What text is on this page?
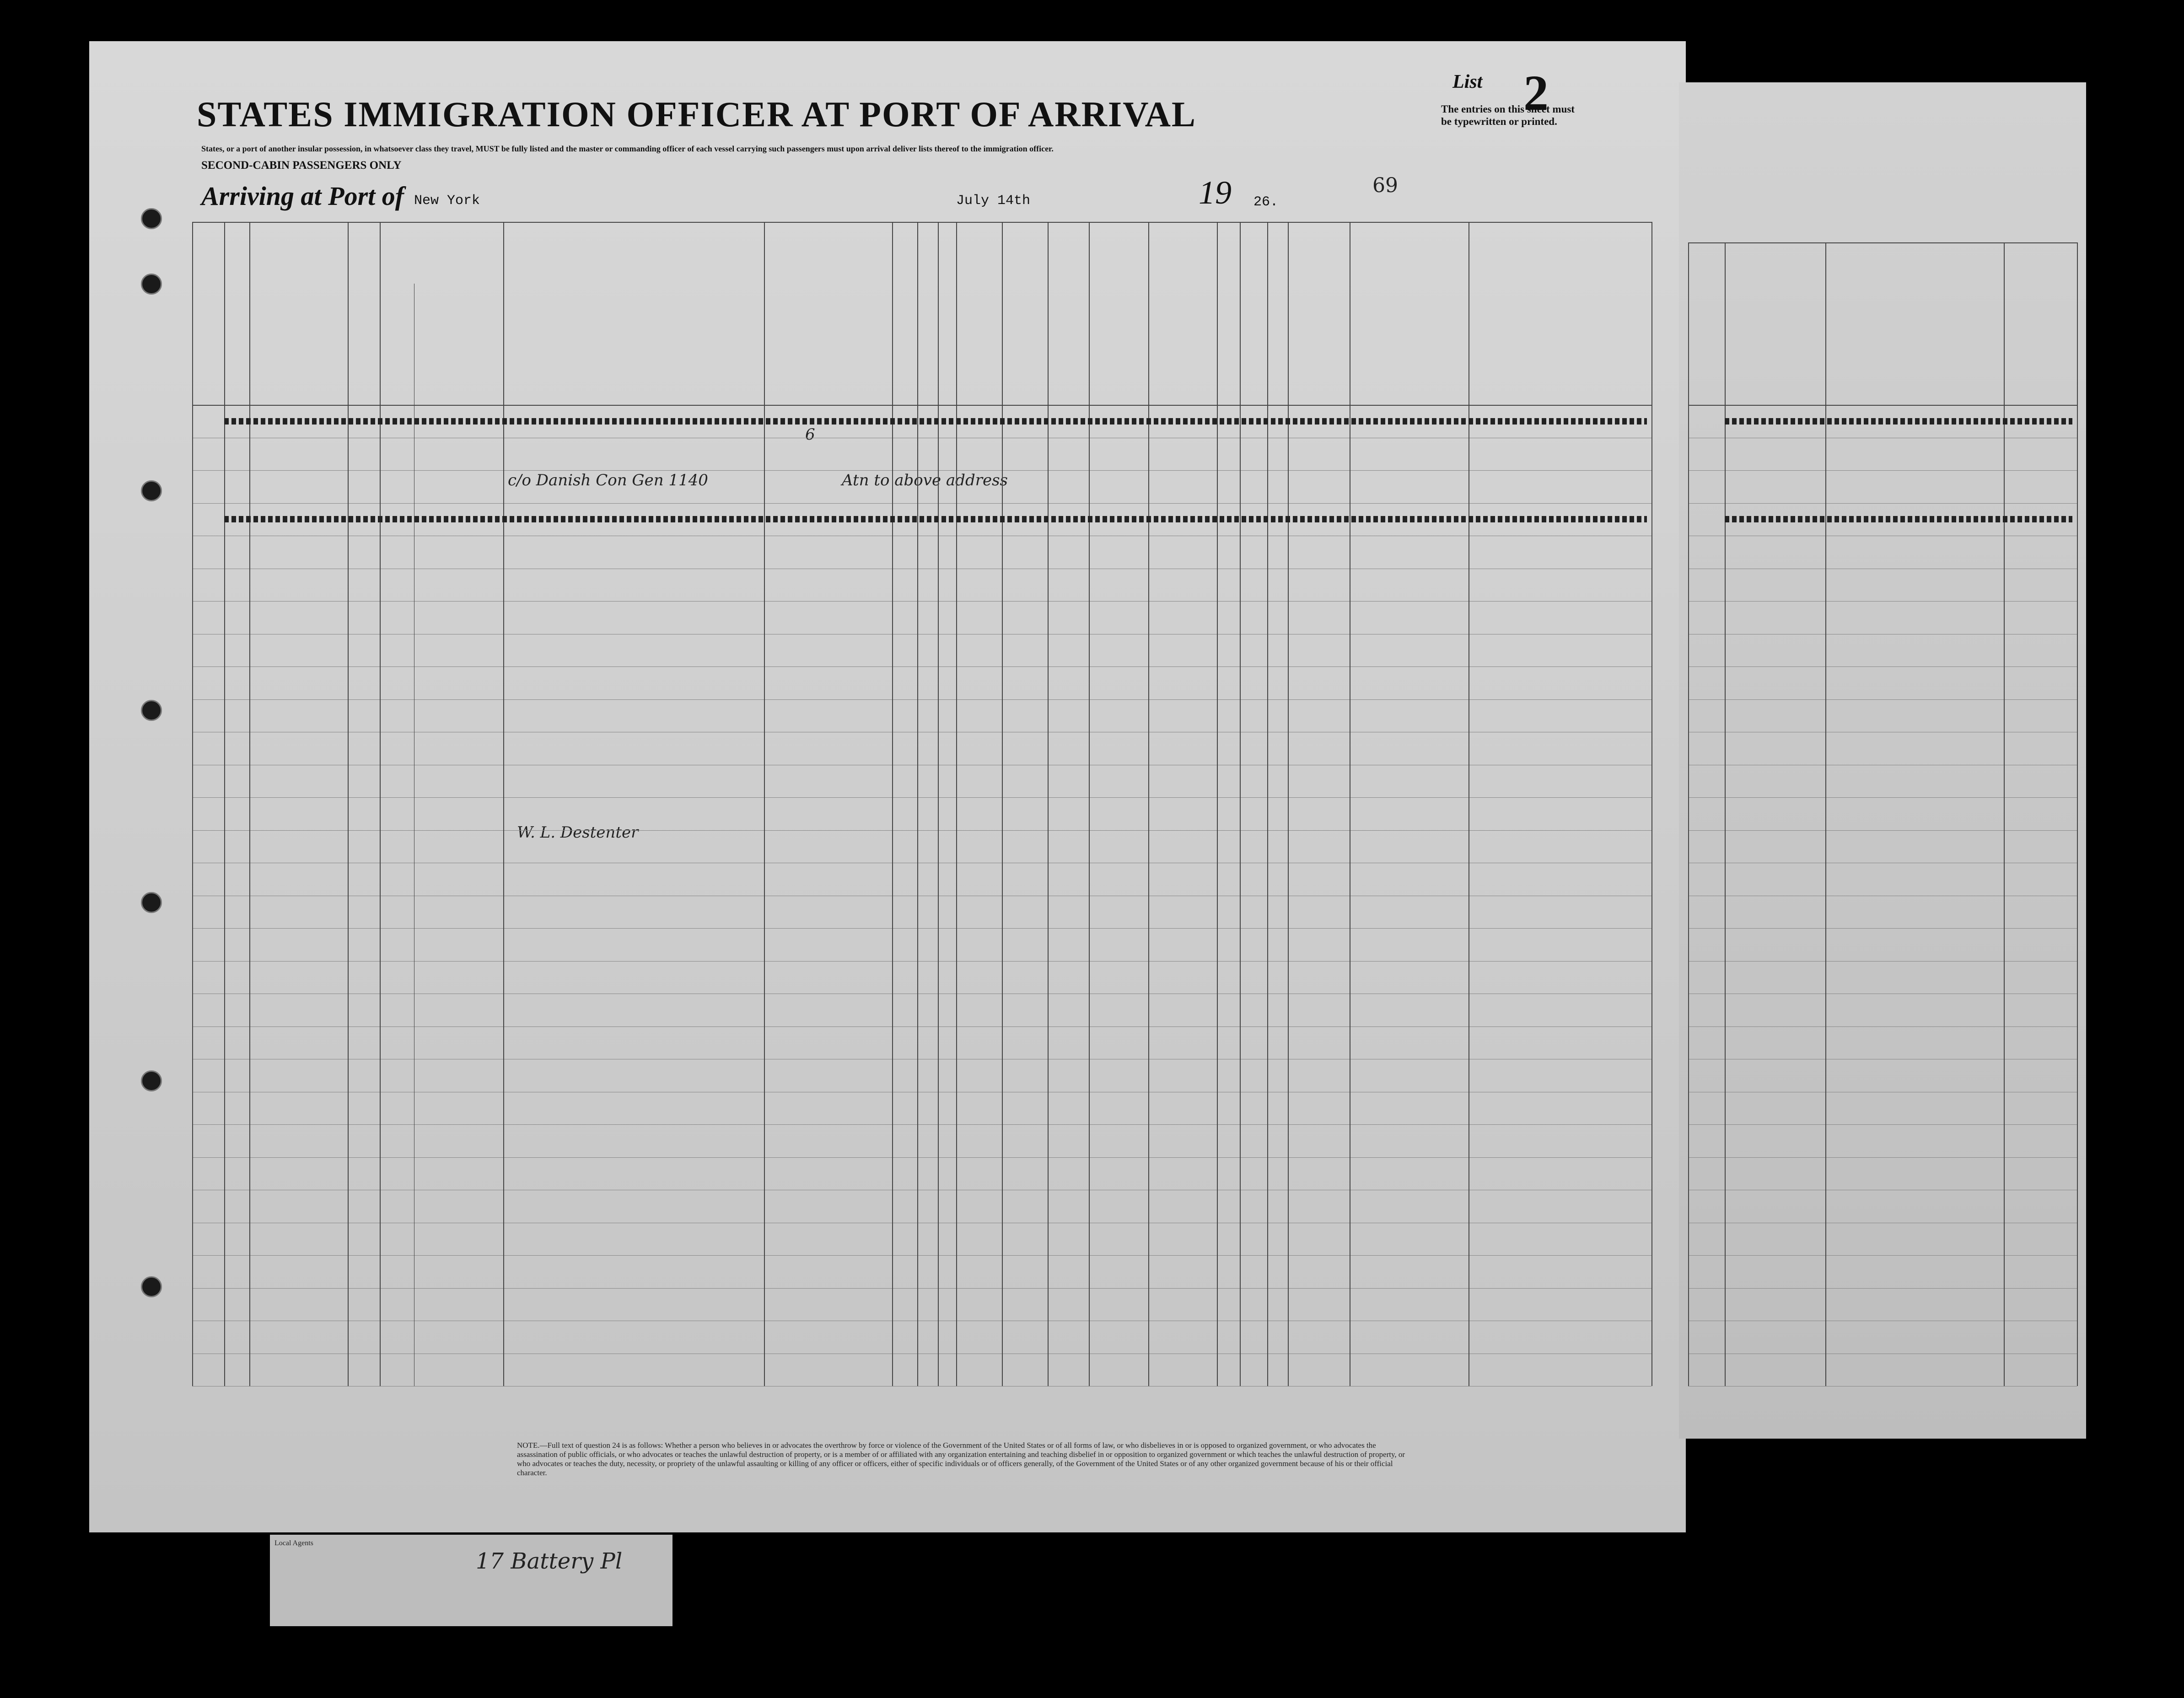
Local Agents
17 Battery Pl
STATES IMMIGRATION OFFICER AT PORT OF ARRIVAL
States, or a port of another insular possession, in whatsoever class they travel, MUST be fully listed and the master or commanding officer of each vessel carrying such passengers must upon arrival deliver lists thereof to the immigration officer.
SECOND-CABIN PASSENGERS ONLY
List 2
The entries on this sheet must
be typewritten or printed.
Arriving at Port of New York	July 14th	19 26.
69
6
c/o Danish Con Gen 1140	Atn to above address
W. L. Destenter
NOTE.—Full text of question 24 is as follows: Whether a person who believes in or advocates the overthrow by force or violence of the Government of the United States or of all forms of law, or who disbelieves in or is opposed to organized government, or who advocates the assassination of public officials, or who advocates or teaches the unlawful destruction of property, or is a member of or affiliated with any organization entertaining and teaching disbelief in or opposition to organized government or which teaches the unlawful destruction of property, or who advocates or teaches the duty, necessity, or propriety of the unlawful assaulting or killing of any officer or officers, either of specific individuals or of officers generally, of the Government of the United States or of any other organized government because of his or their official character.
